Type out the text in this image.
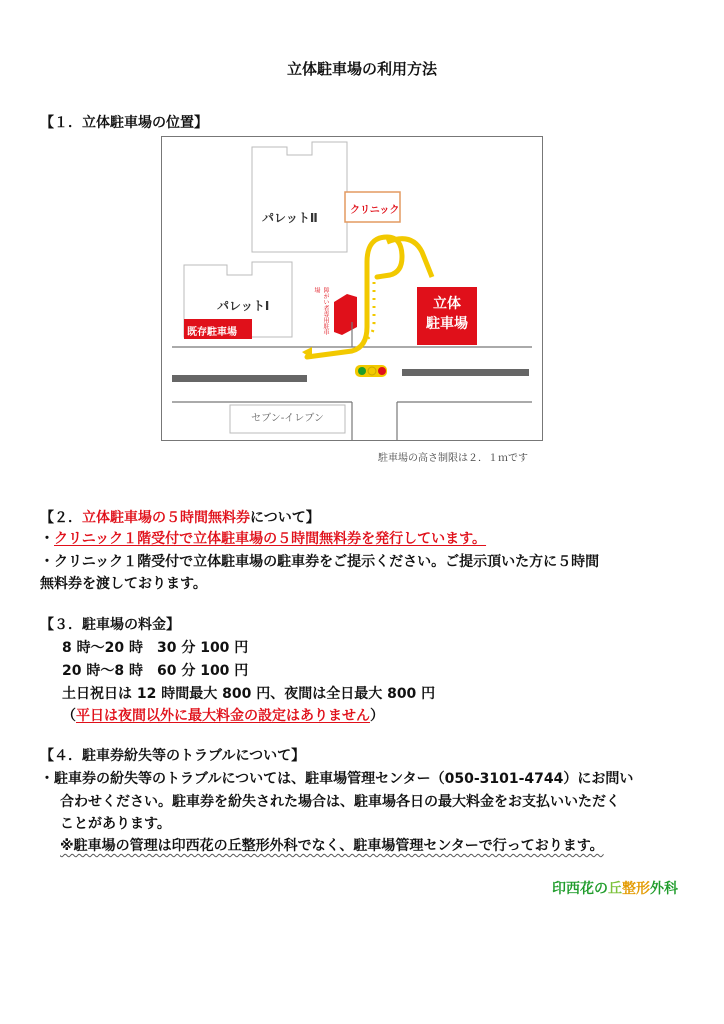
立体駐車場の利用方法
【１．立体駐車場の位置】
パレットⅡ
クリニック
パレットⅠ
既存駐車場	障がい者専用駐車場
立体
駐車場
セブン-イレブン
駐車場の高さ制限は２．１ｍです
【２．立体駐車場の５時間無料券について】
・クリニック１階受付で立体駐車場の５時間無料券を発行しています。
・クリニック１階受付で立体駐車場の駐車券をご提示ください。ご提示頂いた方に５時間
無料券を渡しております。
【３．駐車場の料金】
8 時～20 時　30 分 100 円
20 時～8 時　60 分 100 円
土日祝日は 12 時間最大 800 円、夜間は全日最大 800 円
（平日は夜間以外に最大料金の設定はありません）
【４．駐車券紛失等のトラブルについて】
・駐車券の紛失等のトラブルについては、駐車場管理センター（050-3101-4744）にお問い
合わせください。駐車券を紛失された場合は、駐車場各日の最大料金をお支払いいただく
ことがあります。
※駐車場の管理は印西花の丘整形外科でなく、駐車場管理センターで行っております。
印西花の丘整形外科
